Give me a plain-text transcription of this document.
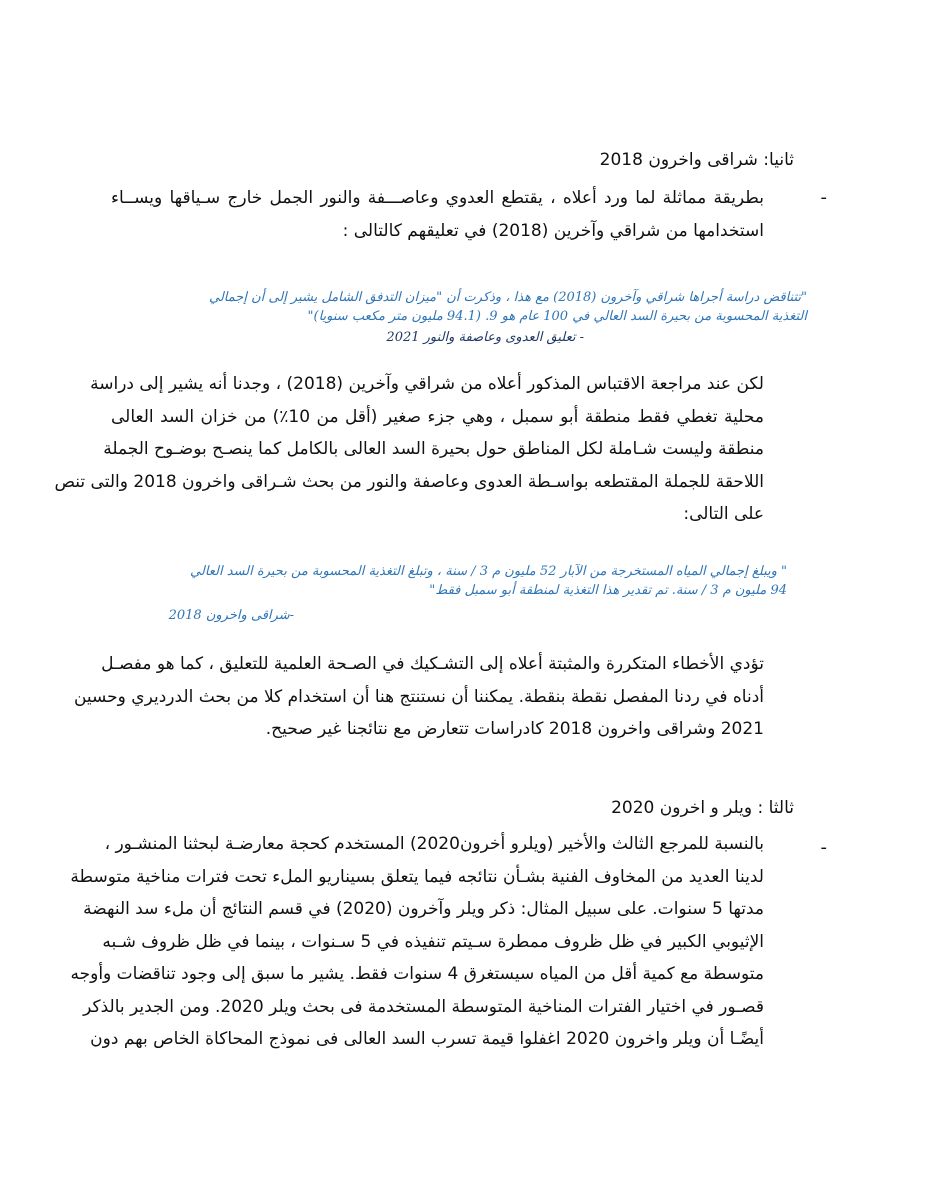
ثانيا: شراقى واخرون 2018
-
بطريقة مماثلة لما ورد أعلاه ، يقتطع العدوي وعاصـــفة والنور الجمل خارج سـياقها ويســاء
استخدامها من شراقي وآخرين (2018) في تعليقهم كالتالى :
"تتناقض دراسة أجراها شراقي وآخرون (2018) مع هذا ، وذكرت أن "ميزان التدفق الشامل يشير إلى أن إجمالي
التغذية المحسوبة من بحيرة السد العالي في 100 عام هو 9. (94.1 مليون متر مكعب سنويا)"
- تعليق العدوى وعاصفة والنور 2021
لكن عند مراجعة الاقتباس المذكور أعلاه من شراقي وآخرين (2018) ، وجدنا أنه يشير إلى دراسة
محلية تغطي فقط منطقة أبو سمبل ، وهي جزء صغير (أقل من 10٪) من خزان السد العالى
منطقة وليست شـاملة لكل المناطق حول بحيرة السد العالى بالكامل كما ينصـح بوضـوح الجملة
اللاحقة للجملة المقتطعه بواسـطة العدوى وعاصفة والنور من بحث شـراقى واخرون 2018 والتى تنص
على التالى:
" ويبلغ إجمالي المياه المستخرجة من الآبار 52 مليون م 3 / سنة ، وتبلغ التغذية المحسوبة من بحيرة السد العالي
94 مليون م 3 / سنة. تم تقدير هذا التغذية لمنطقة أبو سمبل فقط"
-شراقى واخرون 2018
تؤدي الأخطاء المتكررة والمثبتة أعلاه إلى التشـكيك في الصـحة العلمية للتعليق ، كما هو مفصـل
أدناه في ردنا المفصل نقطة بنقطة. يمكننا أن نستنتج هنا أن استخدام كلا من بحث الدرديري وحسين
2021 وشراقى واخرون 2018 كادراسات تتعارض مع نتائجنا غير صحيح.
ثالثا : ويلر و اخرون 2020
-
بالنسبة للمرجع الثالث والأخير (ويلرو أخرون2020) المستخدم كحجة معارضـة لبحثنا المنشـور ،
لدينا العديد من المخاوف الفنية بشـأن نتائجه فيما يتعلق بسيناريو الملء تحت فترات مناخية متوسطة
مدتها 5 سنوات. على سبيل المثال: ذكر ويلر وآخرون (2020) في قسم النتائج أن ملء سد النهضة
الإثيوبي الكبير في ظل ظروف ممطرة سـيتم تنفيذه في 5 سـنوات ، بينما في ظل ظروف شـبه
متوسطة مع كمية أقل من المياه سيستغرق 4 سنوات فقط. يشير ما سبق إلى وجود تناقضات وأوجه
قصـور في اختيار الفترات المناخية المتوسطة المستخدمة فى بحث ويلر 2020. ومن الجدير بالذكر
أيضًـا أن ويلر واخرون 2020 اغفلوا قيمة تسرب السد العالى فى نموذج المحاكاة الخاص بهم دون
